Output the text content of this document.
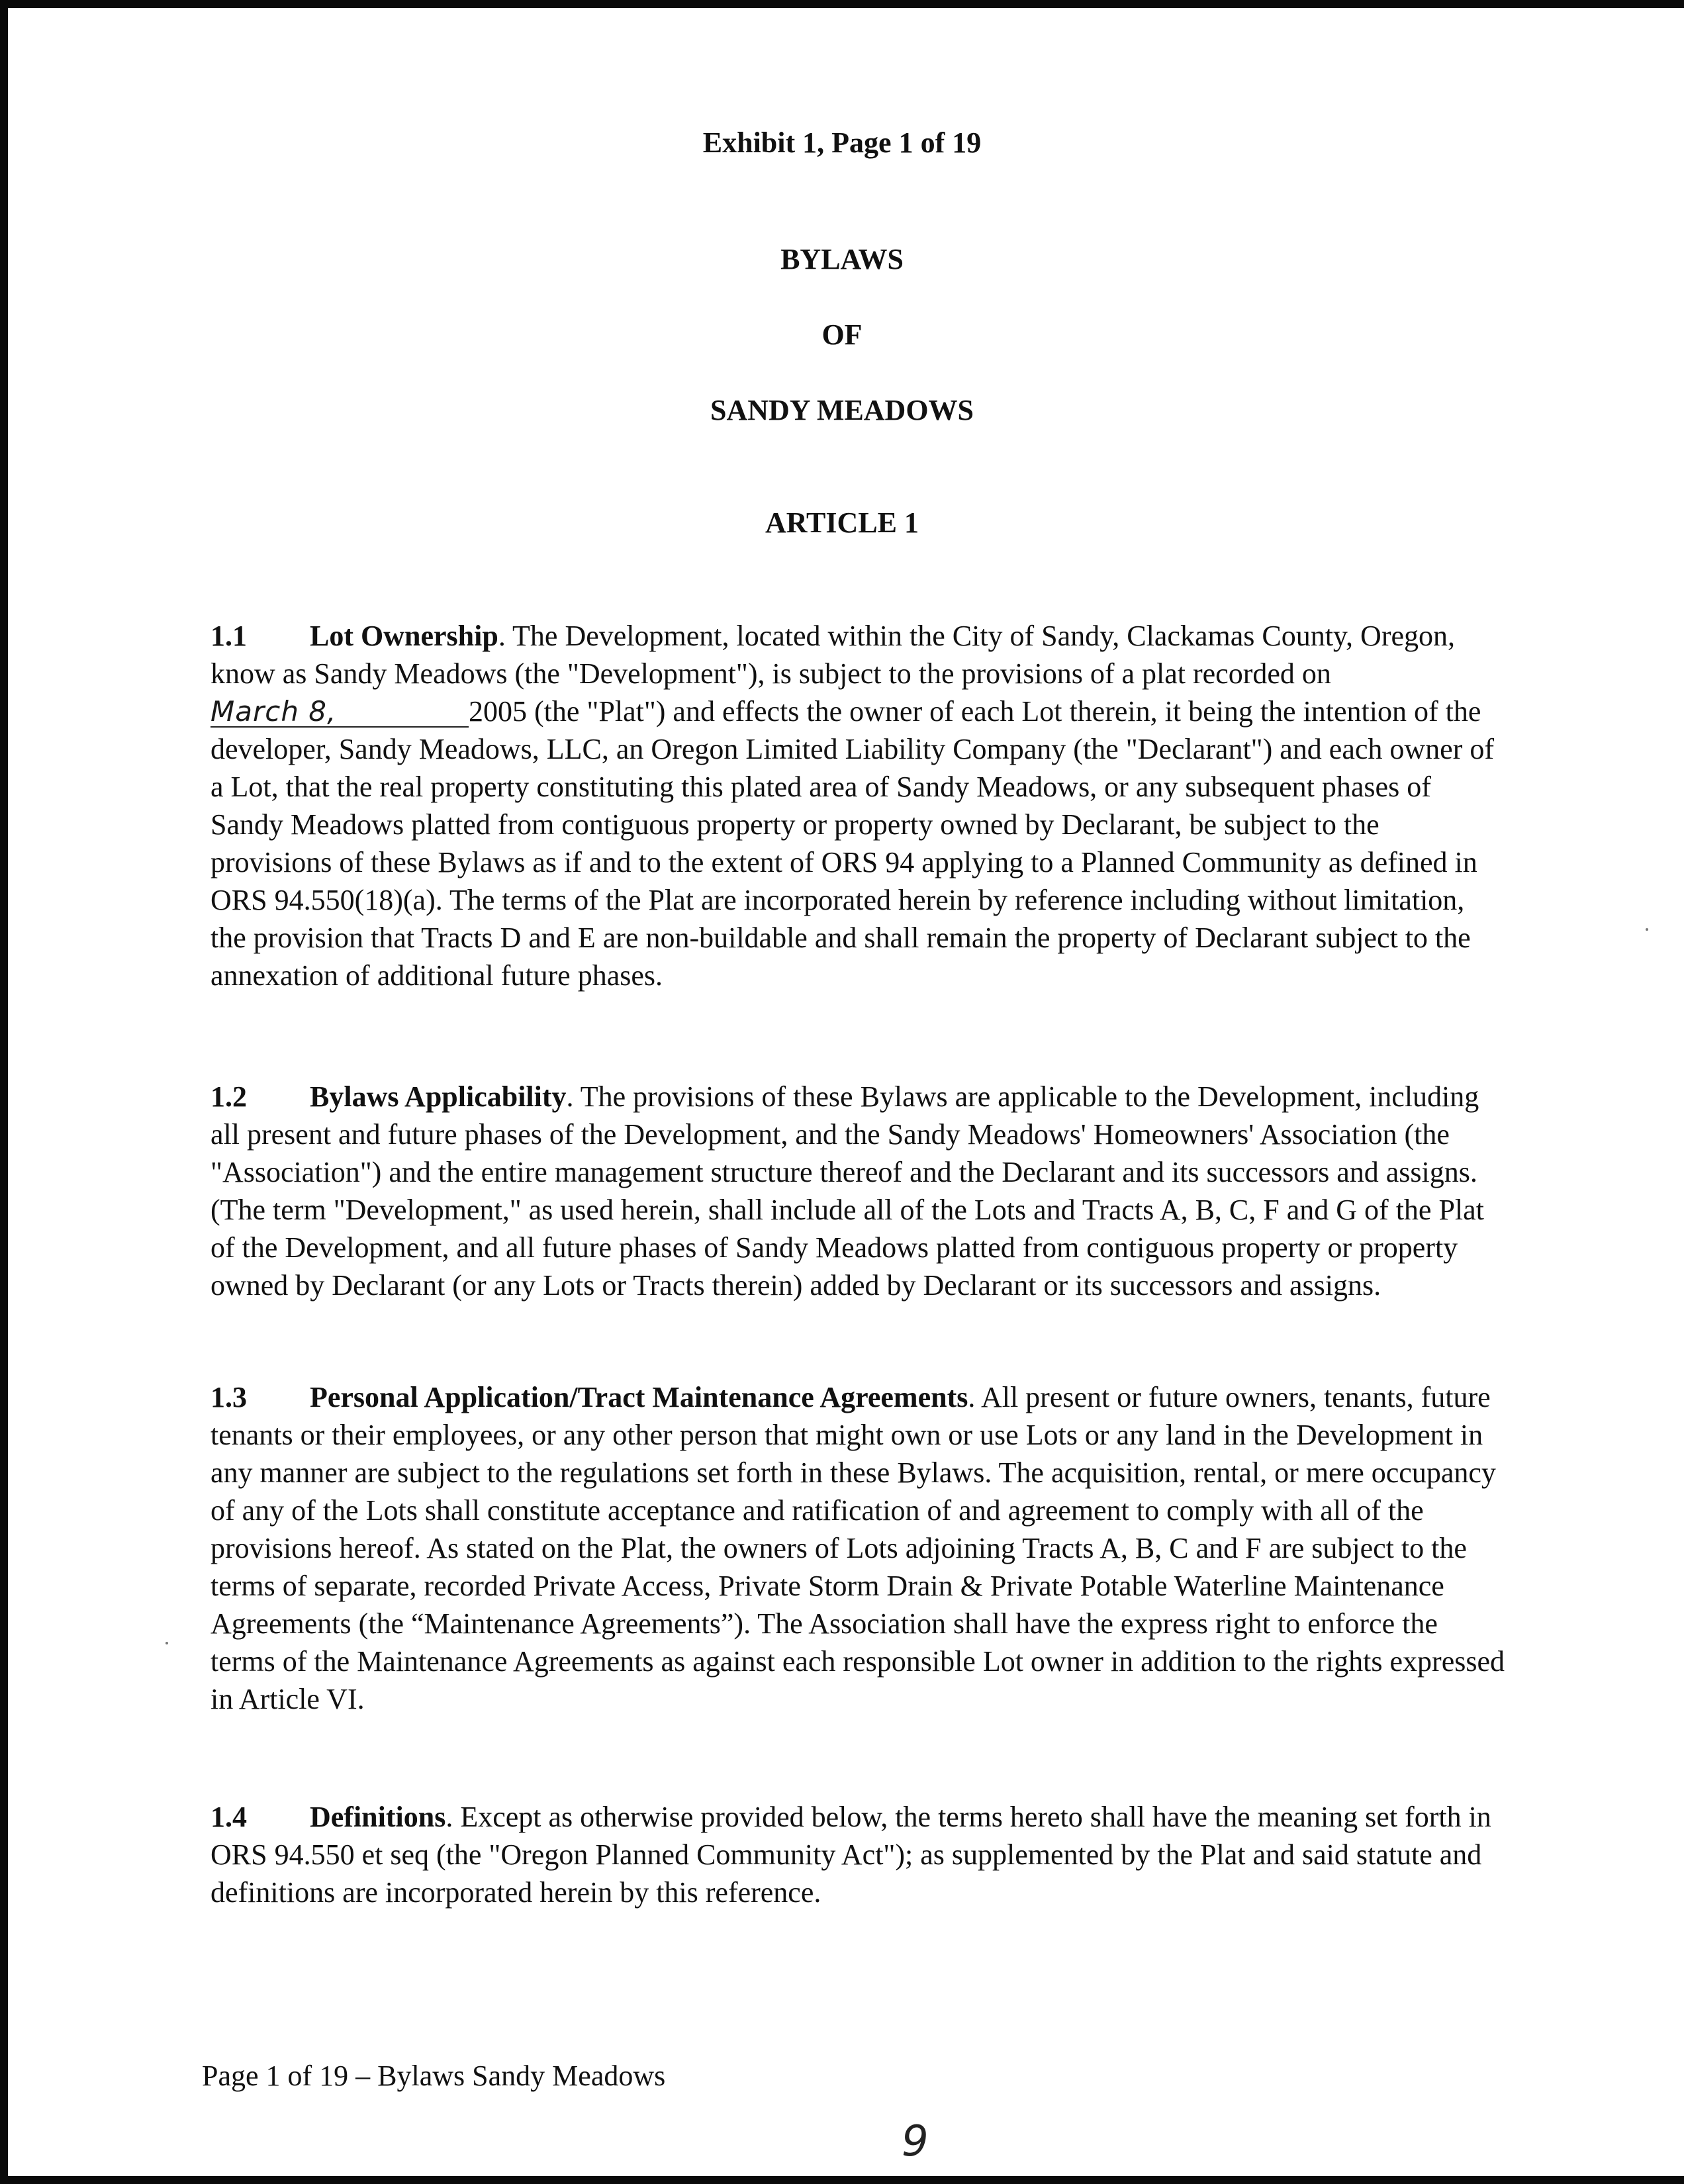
Exhibit 1, Page 1 of 19

BYLAWS

OF

SANDY MEADOWS

ARTICLE 1

1.1 Lot Ownership. The Development, located within the City of Sandy, Clackamas County, Oregon, know as Sandy Meadows (the "Development"), is subject to the provisions of a plat recorded on March 8,	2005 (the "Plat") and effects the owner of each Lot therein, it being the intention of the developer, Sandy Meadows, LLC, an Oregon Limited Liability Company (the "Declarant") and each owner of a Lot, that the real property constituting this plated area of Sandy Meadows, or any subsequent phases of Sandy Meadows platted from contiguous property or property owned by Declarant, be subject to the provisions of these Bylaws as if and to the extent of ORS 94 applying to a Planned Community as defined in ORS 94.550(18)(a). The terms of the Plat are incorporated herein by reference including without limitation, the provision that Tracts D and E are non-buildable and shall remain the property of Declarant subject to the annexation of additional future phases.

1.2 Bylaws Applicability. The provisions of these Bylaws are applicable to the Development, including all present and future phases of the Development, and the Sandy Meadows' Homeowners' Association (the "Association") and the entire management structure thereof and the Declarant and its successors and assigns. (The term "Development," as used herein, shall include all of the Lots and Tracts A, B, C, F and G of the Plat of the Development, and all future phases of Sandy Meadows platted from contiguous property or property owned by Declarant (or any Lots or Tracts therein) added by Declarant or its successors and assigns.

1.3 Personal Application/Tract Maintenance Agreements. All present or future owners, tenants, future tenants or their employees, or any other person that might own or use Lots or any land in the Development in any manner are subject to the regulations set forth in these Bylaws. The acquisition, rental, or mere occupancy of any of the Lots shall constitute acceptance and ratification of and agreement to comply with all of the provisions hereof. As stated on the Plat, the owners of Lots adjoining Tracts A, B, C and F are subject to the terms of separate, recorded Private Access, Private Storm Drain & Private Potable Waterline Maintenance Agreements (the “Maintenance Agreements”). The Association shall have the express right to enforce the terms of the Maintenance Agreements as against each responsible Lot owner in addition to the rights expressed in Article VI.

1.4 Definitions. Except as otherwise provided below, the terms hereto shall have the meaning set forth in ORS 94.550 et seq (the "Oregon Planned Community Act"); as supplemented by the Plat and said statute and definitions are incorporated herein by this reference.

Page 1 of 19 – Bylaws Sandy Meadows

9
